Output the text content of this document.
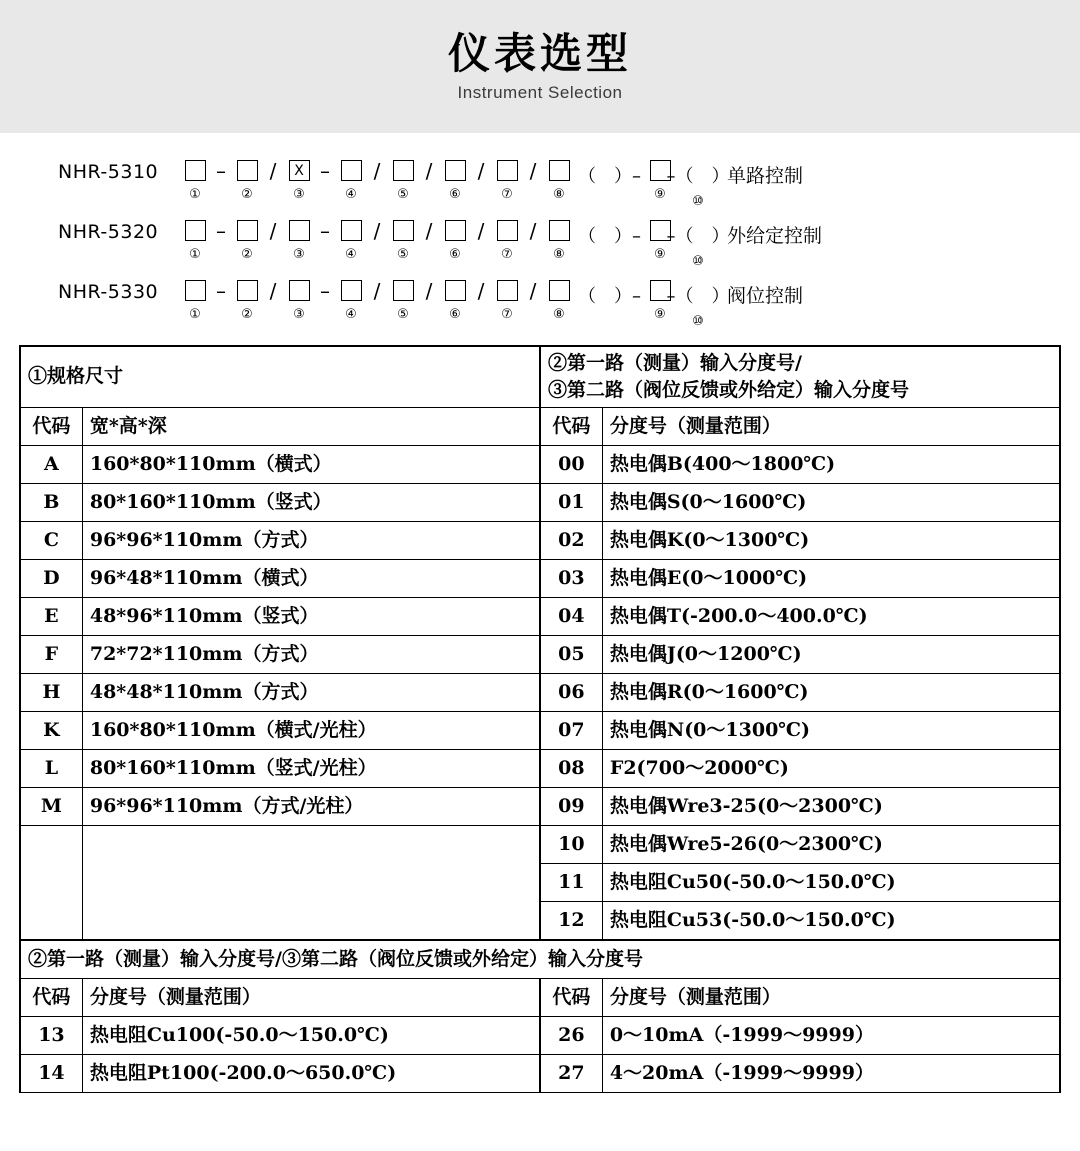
仪表选型
Instrument Selection
NHR-5310
①
–
②
/	X
③
–
④
/
⑤
/
⑥
/
⑦
/
⑧
（　）–
⑨
–（　）
⑩
单路控制
NHR-5320
①
–
②
/
③
–
④
/
⑤
/
⑥
/
⑦
/
⑧
（　）–
⑨
–（　）
⑩
外给定控制
NHR-5330
①
–
②
/
③
–
④
/
⑤
/
⑥
/
⑦
/
⑧
（　）–
⑨
–（　）
⑩
阀位控制
①规格尺寸		②第一路（测量）输入分度号/
③第二路（阀位反馈或外给定）输入分度号	

代码	宽*高*深	代码	分度号（测量范围）
A	160*80*110mm（横式）	00	热电偶B(400～1800℃)
B	80*160*110mm（竖式）	01	热电偶S(0～1600℃)
C	96*96*110mm（方式）	02	热电偶K(0～1300℃)
D	96*48*110mm（横式）	03	热电偶E(0～1000℃)
E	48*96*110mm（竖式）	04	热电偶T(-200.0～400.0℃)
F	72*72*110mm（方式）	05	热电偶J(0～1200℃)
H	48*48*110mm（方式）	06	热电偶R(0～1600℃)
K	160*80*110mm（横式/光柱）	07	热电偶N(0～1300℃)
L	80*160*110mm（竖式/光柱）	08	F2(700～2000℃)
M	96*96*110mm（方式/光柱）	09	热电偶Wre3-25(0～2300℃)
		10	热电偶Wre5-26(0～2300℃)
		11	热电阻Cu50(-50.0～150.0℃)
		12	热电阻Cu53(-50.0～150.0℃)
②第一路（测量）输入分度号/③第二路（阀位反馈或外给定）输入分度号			
代码	分度号（测量范围）	代码	分度号（测量范围）
13	热电阻Cu100(-50.0～150.0℃)	26	0～10mA（-1999～9999）
14	热电阻Pt100(-200.0～650.0℃)	27	4～20mA（-1999～9999）
